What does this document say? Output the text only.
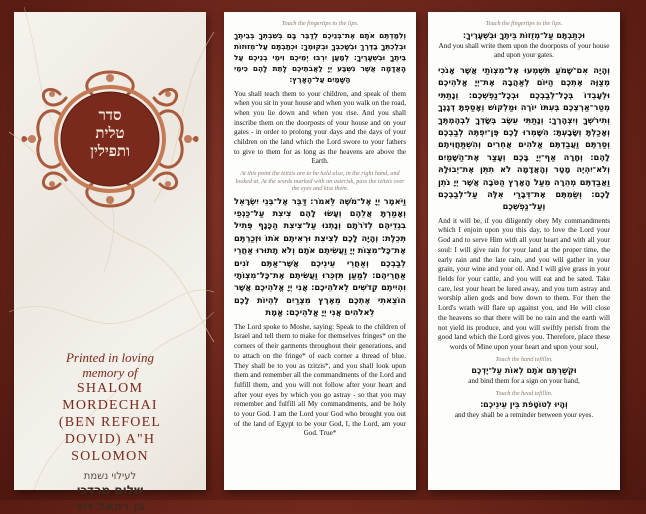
סדר
טלית
ותפילין
Printed in loving
memory of
SHALOM
MORDECHAI
(BEN REFOEL
DOVID) A"H
SOLOMON
לעילוי נשמת
שלום מרדכי
בן רפאל דוד
Touch the fingertips to the lips.

וְלִמַּדְתֶּם אֹתָם אֶת־בְּנֵיכֶם לְדַבֵּר בָּם בְּשִׁבְתְּךָ בְּבֵיתֶךָ וּבְלֶכְתְּךָ בַדֶּרֶךְ וּבְשָׁכְבְּךָ וּבְקוּמֶךָ׃ וּכְתַבְתָּם עַל־מְזוּזוֹת בֵּיתֶךָ וּבִשְׁעָרֶיךָ׃ לְמַעַן יִרְבּוּ יְמֵיכֶם וִימֵי בְנֵיכֶם עַל הָאֲדָמָה אֲשֶׁר נִשְׁבַּע יְיָ לַאֲבֹתֵיכֶם לָתֵת לָהֶם כִּימֵי הַשָּׁמַיִם עַל־הָאָרֶץ׃

You shall teach them to your children, and speak of them when you sit in your house and when you walk on the road, when you lie down and when you rise. And you shall inscribe them on the doorposts of your house and on your gates - in order to prolong your days and the days of your children on the land which the Lord swore to your fathers to give to them for as long as the heavens are above the Earth.

At this point the tzitzis are to be held also, in the right hand, and looked at. At the words marked with an asterisk, pass the tzitzis over the eyes and kiss them.

וַיֹּאמֶר יְיָ אֶל־מֹשֶׁה לֵּאמֹר׃ דַּבֵּר אֶל־בְּנֵי יִשְׂרָאֵל וְאָמַרְתָּ אֲלֵהֶם וְעָשׂוּ לָהֶם צִיצִת עַל־כַּנְפֵי בִגְדֵיהֶם לְדֹרֹתָם וְנָתְנוּ עַל־צִיצִת הַכָּנָף פְּתִיל תְּכֵלֶת׃ וְהָיָה לָכֶם לְצִיצִת וּרְאִיתֶם אֹתוֹ וּזְכַרְתֶּם אֶת־כָּל־מִצְוֹת יְיָ וַעֲשִׂיתֶם אֹתָם וְלֹא תָתוּרוּ אַחֲרֵי לְבַבְכֶם וְאַחֲרֵי עֵינֵיכֶם אֲשֶׁר־אַתֶּם זֹנִים אַחֲרֵיהֶם׃ לְמַעַן תִּזְכְּרוּ וַעֲשִׂיתֶם אֶת־כָּל־מִצְוֹתָי וִהְיִיתֶם קְדֹשִׁים לֵאלֹהֵיכֶם׃ אֲנִי יְיָ אֱלֹהֵיכֶם אֲשֶׁר הוֹצֵאתִי אֶתְכֶם מֵאֶרֶץ מִצְרַיִם לִהְיוֹת לָכֶם לֵאלֹהִים אֲנִי יְיָ אֱלֹהֵיכֶם׃ אֱמֶת

The Lord spoke to Moshe, saying: Speak to the children of Israel and tell them to make for themselves fringes* on the corners of their garments throughout their generations, and to attach on the fringe* of each corner a thread of blue. They shall be to you as tzitzis*, and you shall look upon them and remember all the commandments of the Lord and fulfill them, and you will not follow after your heart and after your eyes by which you go astray - so that you may remember and fulfill all My commandments, and be holy to your God. I am the Lord your God who brought you out of the land of Egypt to be your God, I, the Lord, am your God. True*

Touch the fingertips to the lips.

וּכְתַבְתָּם עַל־מְזֻזוֹת בֵּיתֶךָ וּבִשְׁעָרֶיךָ׃

And you shall write them upon the doorposts of your house and upon your gates.

וְהָיָה אִם־שָׁמֹעַ תִּשְׁמְעוּ אֶל־מִצְוֹתַי אֲשֶׁר אָנֹכִי מְצַוֶּה אֶתְכֶם הַיּוֹם לְאַהֲבָה אֶת־יְיָ אֱלֹהֵיכֶם וּלְעָבְדוֹ בְּכָל־לְבַבְכֶם וּבְכָל־נַפְשְׁכֶם׃ וְנָתַתִּי מְטַר־אַרְצְכֶם בְּעִתּוֹ יוֹרֶה וּמַלְקוֹשׁ וְאָסַפְתָּ דְגָנֶךָ וְתִירֹשְׁךָ וְיִצְהָרֶךָ׃ וְנָתַתִּי עֵשֶׂב בְּשָׂדְךָ לִבְהֶמְתֶּךָ וְאָכַלְתָּ וְשָׂבָעְתָּ׃ הִשָּׁמְרוּ לָכֶם פֶּן־יִפְתֶּה לְבַבְכֶם וְסַרְתֶּם וַעֲבַדְתֶּם אֱלֹהִים אֲחֵרִים וְהִשְׁתַּחֲוִיתֶם לָהֶם׃ וְחָרָה אַף־יְיָ בָּכֶם וְעָצַר אֶת־הַשָּׁמַיִם וְלֹא־יִהְיֶה מָטָר וְהָאֲדָמָה לֹא תִתֵּן אֶת־יְבוּלָהּ וַאֲבַדְתֶּם מְהֵרָה מֵעַל הָאָרֶץ הַטֹּבָה אֲשֶׁר יְיָ נֹתֵן לָכֶם׃ וְשַׂמְתֶּם אֶת־דְּבָרַי אֵלֶּה עַל־לְבַבְכֶם וְעַל־נַפְשְׁכֶם

And it will be, if you diligently obey My commandments which I enjoin upon you this day, to love the Lord your God and to serve Him with all your heart and with all your soul: I will give rain for your land at the proper time, the early rain and the late rain, and you will gather in your grain, your wine and your oil. And I will give grass in your fields for your cattle, and you will eat and be sated. Take care, lest your heart be lured away, and you turn astray and worship alien gods and bow down to them. For then the Lord's wrath will flare up against you, and He will close the heavens so that there will be no rain and the earth will not yield its produce, and you will swiftly perish from the good land which the Lord gives you. Therefore, place these words of Mine upon your heart and upon your soul,

Touch the hand tefillin.

וּקְשַׁרְתֶּם אֹתָם לְאוֹת עַל־יֶדְכֶם

and bind them for a sign on your hand,

Touch the head tefillin.

וְהָיוּ לְטוֹטָפֹת בֵּין עֵינֵיכֶם׃

and they shall be a reminder between your eyes.
